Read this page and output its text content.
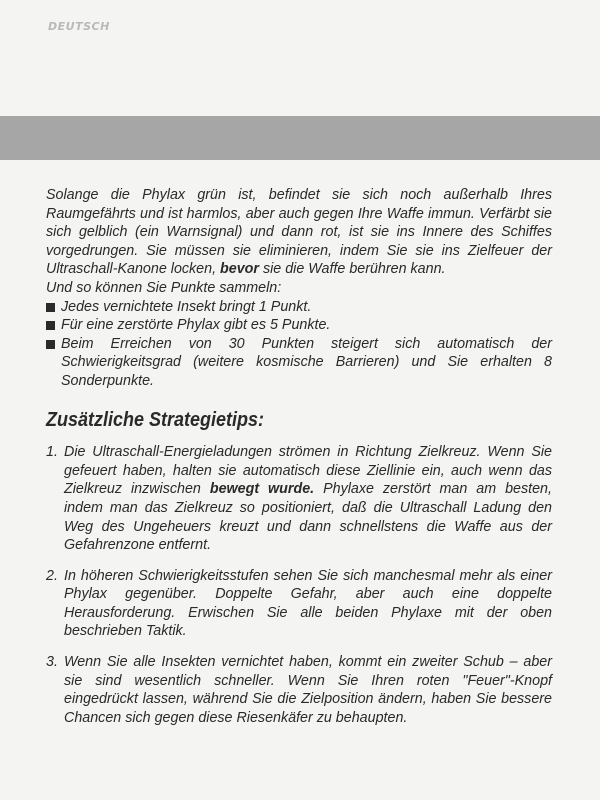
DEUTSCH

Solange die Phylax grün ist, befindet sie sich noch außerhalb Ihres Raumgefährts und ist harmlos, aber auch gegen Ihre Waffe immun. Verfärbt sie sich gelblich (ein Warnsignal) und dann rot, ist sie ins Innere des Schiffes vorgedrungen. Sie müssen sie eliminieren, indem Sie sie ins Zielfeuer der Ultraschall-Kanone locken, bevor sie die Waffe berühren kann.

Und so können Sie Punkte sammeln:

Jedes vernichtete Insekt bringt 1 Punkt.
Für eine zerstörte Phylax gibt es 5 Punkte.
Beim Erreichen von 30 Punkten steigert sich automatisch der Schwierigkeitsgrad (weitere kosmische Barrieren) und Sie erhalten 8 Sonderpunkte.
Zusätzliche Strategietips:
1. Die Ultraschall-Energieladungen strömen in Richtung Zielkreuz. Wenn Sie gefeuert haben, halten sie automatisch diese Ziellinie ein, auch wenn das Zielkreuz inzwischen bewegt wurde. Phylaxe zerstört man am besten, indem man das Zielkreuz so positioniert, daß die Ultraschall Ladung den Weg des Ungeheuers kreuzt und dann schnellstens die Waffe aus der Gefahrenzone entfernt.
2. In höheren Schwierigkeitsstufen sehen Sie sich manchesmal mehr als einer Phylax gegenüber. Doppelte Gefahr, aber auch eine doppelte Herausforderung. Erwischen Sie alle beiden Phylaxe mit der oben beschrieben Taktik.
3. Wenn Sie alle Insekten vernichtet haben, kommt ein zweiter Schub – aber sie sind wesentlich schneller. Wenn Sie Ihren roten "Feuer"-Knopf eingedrückt lassen, während Sie die Zielposition ändern, haben Sie bessere Chancen sich gegen diese Riesenkäfer zu behaupten.
